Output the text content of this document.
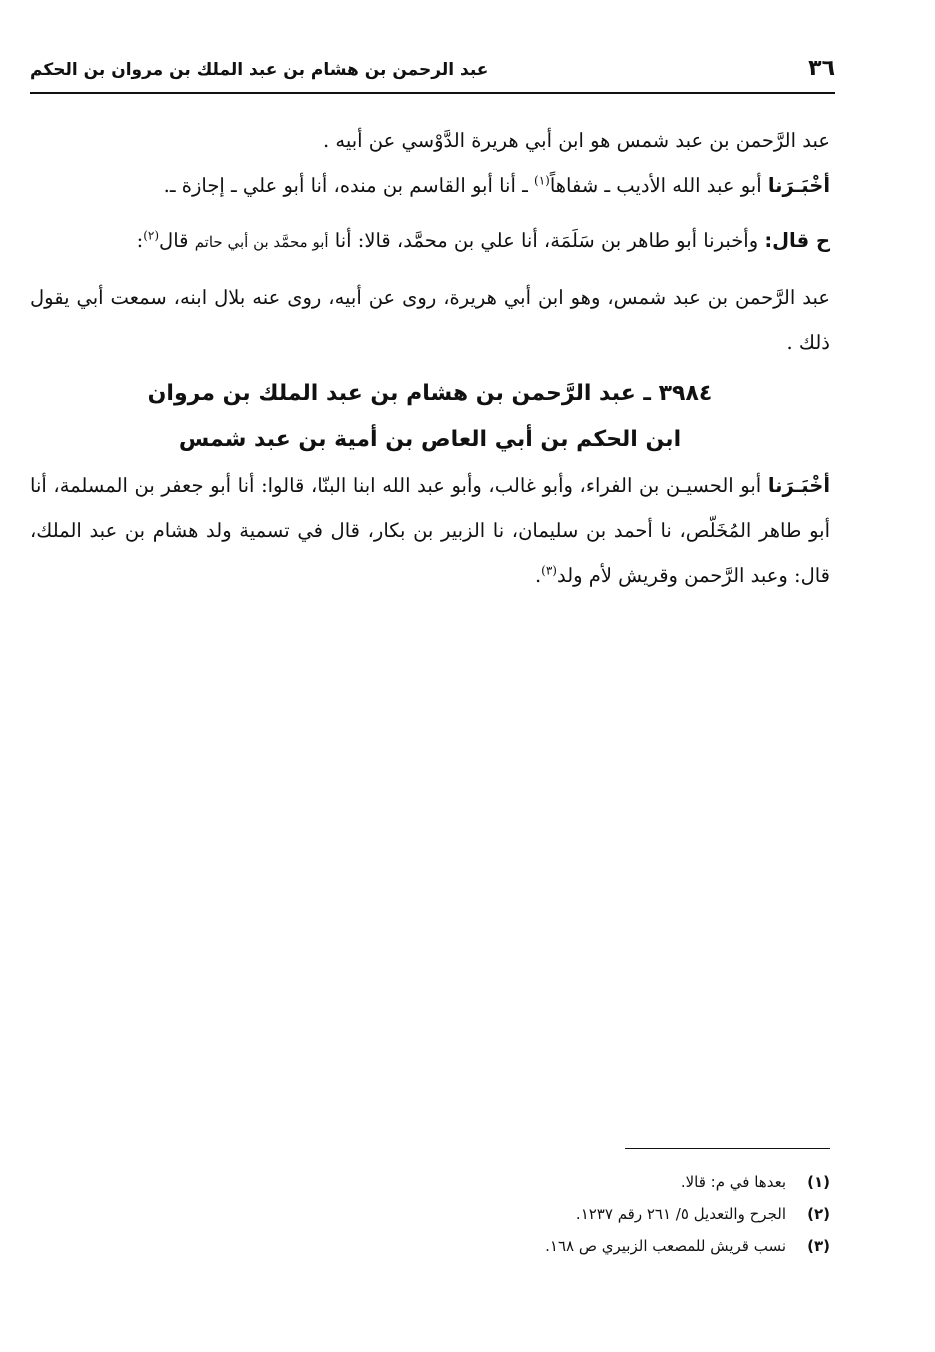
٣٦
عبد الرحمن بن هشام بن عبد الملك بن مروان بن الحكم

عبد الرَّحمن بن عبد شمس هو ابن أبي هريرة الدَّوْسي عن أبيه .

أخْبَـرَنا أبو عبد الله الأديب ـ شفاهاً$^{(١)}$ ـ أنا أبو القاسم بن منده، أنا أبو علي ـ إجازة ـ.

ح قال: وأخبرنا أبو طاهر بن سَلَمَة، أنا علي بن محمَّد، قالا: أنا أبو محمَّد بن أبي حاتم قال$^{(٢)}$:

عبد الرَّحمن بن عبد شمس، وهو ابن أبي هريرة، روى عن أبيه، روى عنه بلال ابنه، سمعت أبي يقول ذلك .

٣٩٨٤ ـ عبد الرَّحمن بن هشام بن عبد الملك بن مروان
ابن الحكم بن أبي العاص بن أمية بن عبد شمس

أخْبَـرَنا أبو الحسيـن بن الفراء، وأبو غالب، وأبو عبد الله ابنا البنّا، قالوا: أنا أبو جعفر بن المسلمة، أنا أبو طاهر المُخَلّص، نا أحمد بن سليمان، نا الزبير بن بكار، قال في تسمية ولد هشام بن عبد الملك، قال: وعبد الرَّحمن وقريش لأم ولد$^{(٣)}$.

(١)بعدها في م: قالا.
(٢)الجرح والتعديل ٥/ ٢٦١ رقم ١٢٣٧.
(٣)نسب قريش للمصعب الزبيري ص ١٦٨.
